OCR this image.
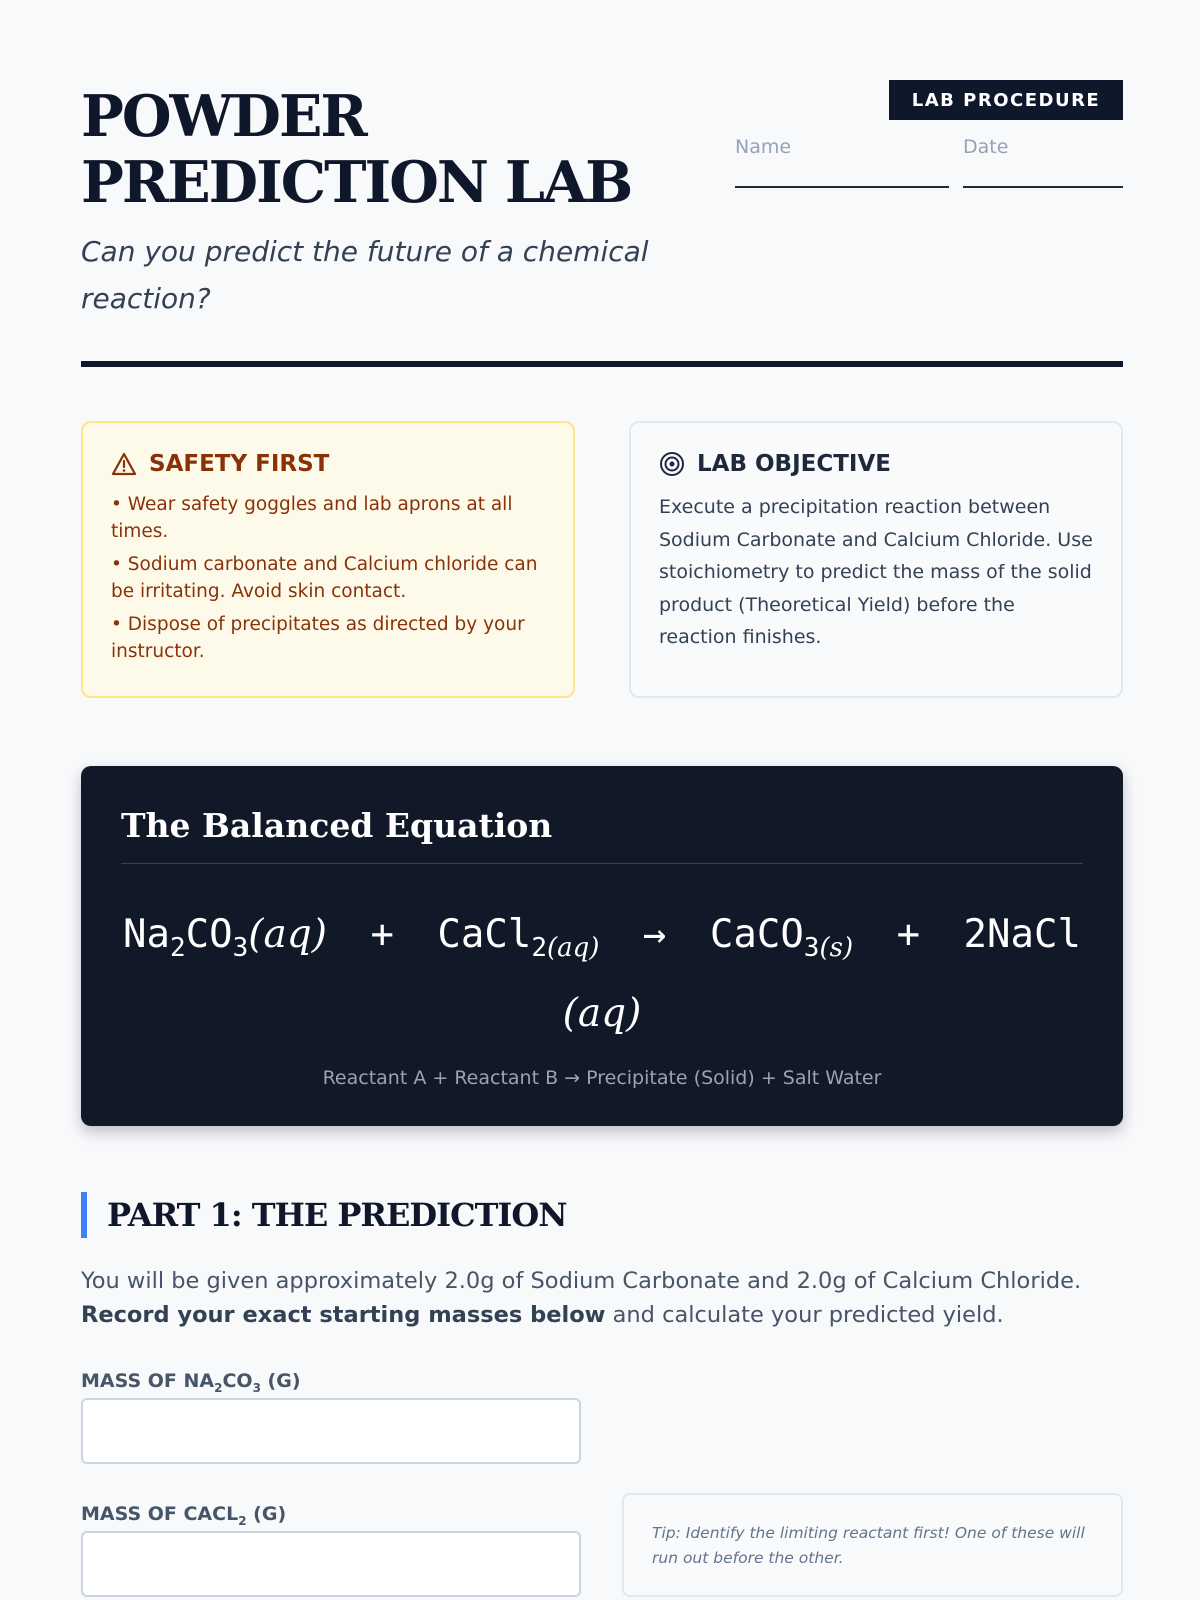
POWDER PREDICTION LAB

Can you predict the future of a chemical reaction?

LAB PROCEDURE
Name	Date
SAFETY FIRST
• Wear safety goggles and lab aprons at all times.
• Sodium carbonate and Calcium chloride can be irritating. Avoid skin contact.
• Dispose of precipitates as directed by your instructor.
LAB OBJECTIVE

Execute a precipitation reaction between Sodium Carbonate and Calcium Chloride. Use stoichiometry to predict the mass of the solid product (Theoretical Yield) before the reaction finishes.

The Balanced Equation
$Na_2CO_3(aq)$ + CaCl$_{2(aq)}$ → CaCO$_{3(s)}$ + 2NaCl (aq)
Reactant A + Reactant B → Precipitate (Solid) + Salt Water
PART 1: THE PREDICTION

You will be given approximately 2.0g of Sodium Carbonate and 2.0g of Calcium Chloride.
Record your exact starting masses below and calculate your predicted yield.

MASS OF $NA_2CO_3$ (G)
MASS OF $CACL_2$ (G)
Tip: Identify the limiting reactant first! One of these will run out before the other.
